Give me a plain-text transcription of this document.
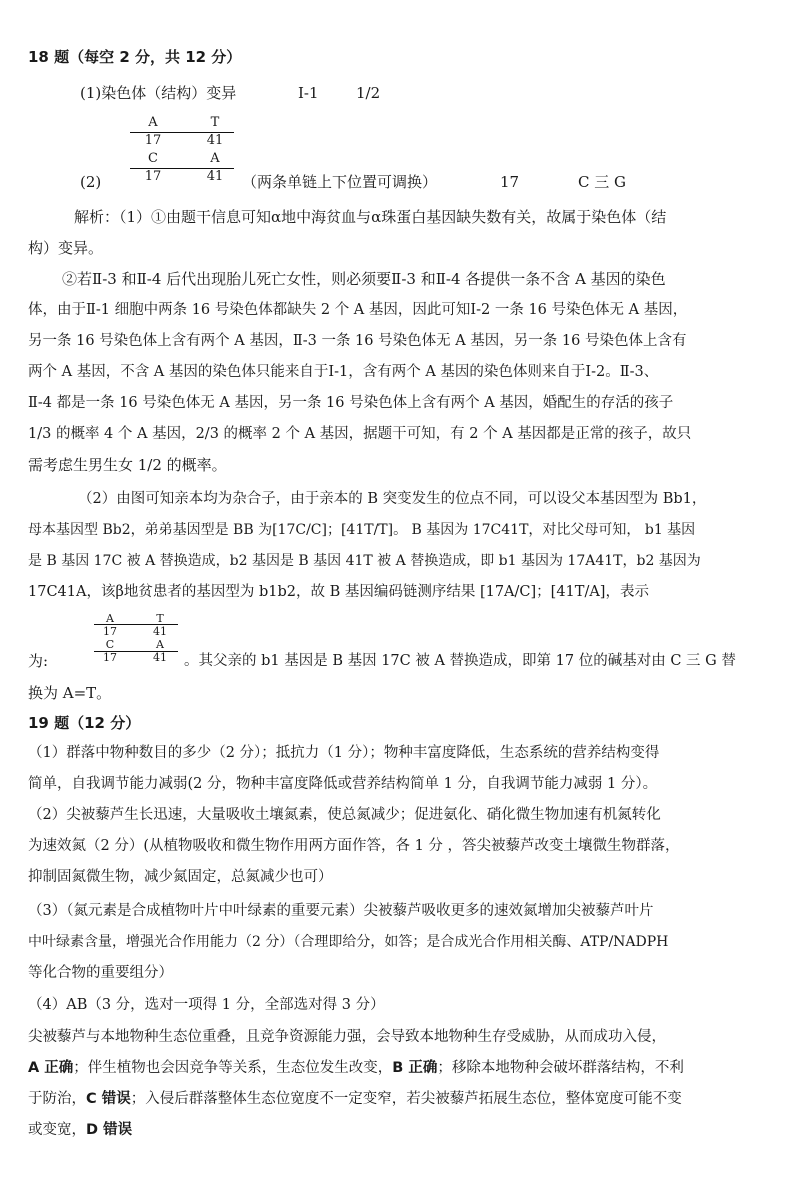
18 题（每空 2 分，共 12 分）
(1)染色体（结构）变异	Ⅰ-1 1/2
A	T
17	41
C	A
17	41
(2)	（两条单链上下位置可调换）	17	C 三 G
解析：（1）①由题干信息可知α地中海贫血与α珠蛋白基因缺失数有关，故属于染色体（结
构）变异。
②若Ⅱ-3 和Ⅱ-4 后代出现胎儿死亡女性，则必须要Ⅱ-3 和Ⅱ-4 各提供一条不含 A 基因的染色
体，由于Ⅱ-1 细胞中两条 16 号染色体都缺失 2 个 A 基因，因此可知Ⅰ-2 一条 16 号染色体无 A 基因，
另一条 16 号染色体上含有两个 A 基因，Ⅱ-3 一条 16 号染色体无 A 基因，另一条 16 号染色体上含有
两个 A 基因，不含 A 基因的染色体只能来自于Ⅰ-1，含有两个 A 基因的染色体则来自于Ⅰ-2。Ⅱ-3、
Ⅱ-4 都是一条 16 号染色体无 A 基因，另一条 16 号染色体上含有两个 A 基因，婚配生的存活的孩子
1/3 的概率 4 个 A 基因，2/3 的概率 2 个 A 基因，据题干可知，有 2 个 A 基因都是正常的孩子，故只
需考虑生男生女 1/2 的概率。
（2）由图可知亲本均为杂合子，由于亲本的 B 突变发生的位点不同，可以设父本基因型为 Bb1，
母本基因型 Bb2，弟弟基因型是 BB 为[17C/C]；[41T/T]。 B 基因为 17C41T，对比父母可知， b1 基因
是 B 基因 17C 被 A 替换造成，b2 基因是 B 基因 41T 被 A 替换造成，即 b1 基因为 17A41T，b2 基因为
17C41A，该β地贫患者的基因型为 b1b2，故 B 基因编码链测序结果 [17A/C]；[41T/A]，表示
A	T
17	41
C	A
17	41
为:	。其父亲的 b1 基因是 B 基因 17C 被 A 替换造成，即第 17 位的碱基对由 C 三 G 替
换为 A=T。
19 题（12 分）
（1）群落中物种数目的多少（2 分）；抵抗力（1 分）；物种丰富度降低，生态系统的营养结构变得
简单，自我调节能力减弱(2 分，物种丰富度降低或营养结构简单 1 分，自我调节能力减弱 1 分）。
（2）尖被藜芦生长迅速，大量吸收土壤氮素，使总氮减少；促进氨化、硝化微生物加速有机氮转化
为速效氮（2 分）(从植物吸收和微生物作用两方面作答，各 1 分 ，答尖被藜芦改变土壤微生物群落，
抑制固氮微生物，减少氮固定，总氮减少也可）
（3）（氮元素是合成植物叶片中叶绿素的重要元素）尖被藜芦吸收更多的速效氮增加尖被藜芦叶片
中叶绿素含量，增强光合作用能力（2 分）（合理即给分，如答；是合成光合作用相关酶、ATP/NADPH
等化合物的重要组分）
（4）AB（3 分，选对一项得 1 分，全部选对得 3 分）
尖被藜芦与本地物种生态位重叠，且竞争资源能力强，会导致本地物种生存受威胁，从而成功入侵，
A 正确；伴生植物也会因竞争等关系，生态位发生改变，B 正确；移除本地物种会破坏群落结构，不利
于防治，C 错误；入侵后群落整体生态位宽度不一定变窄，若尖被藜芦拓展生态位，整体宽度可能不变
或变宽，D 错误
